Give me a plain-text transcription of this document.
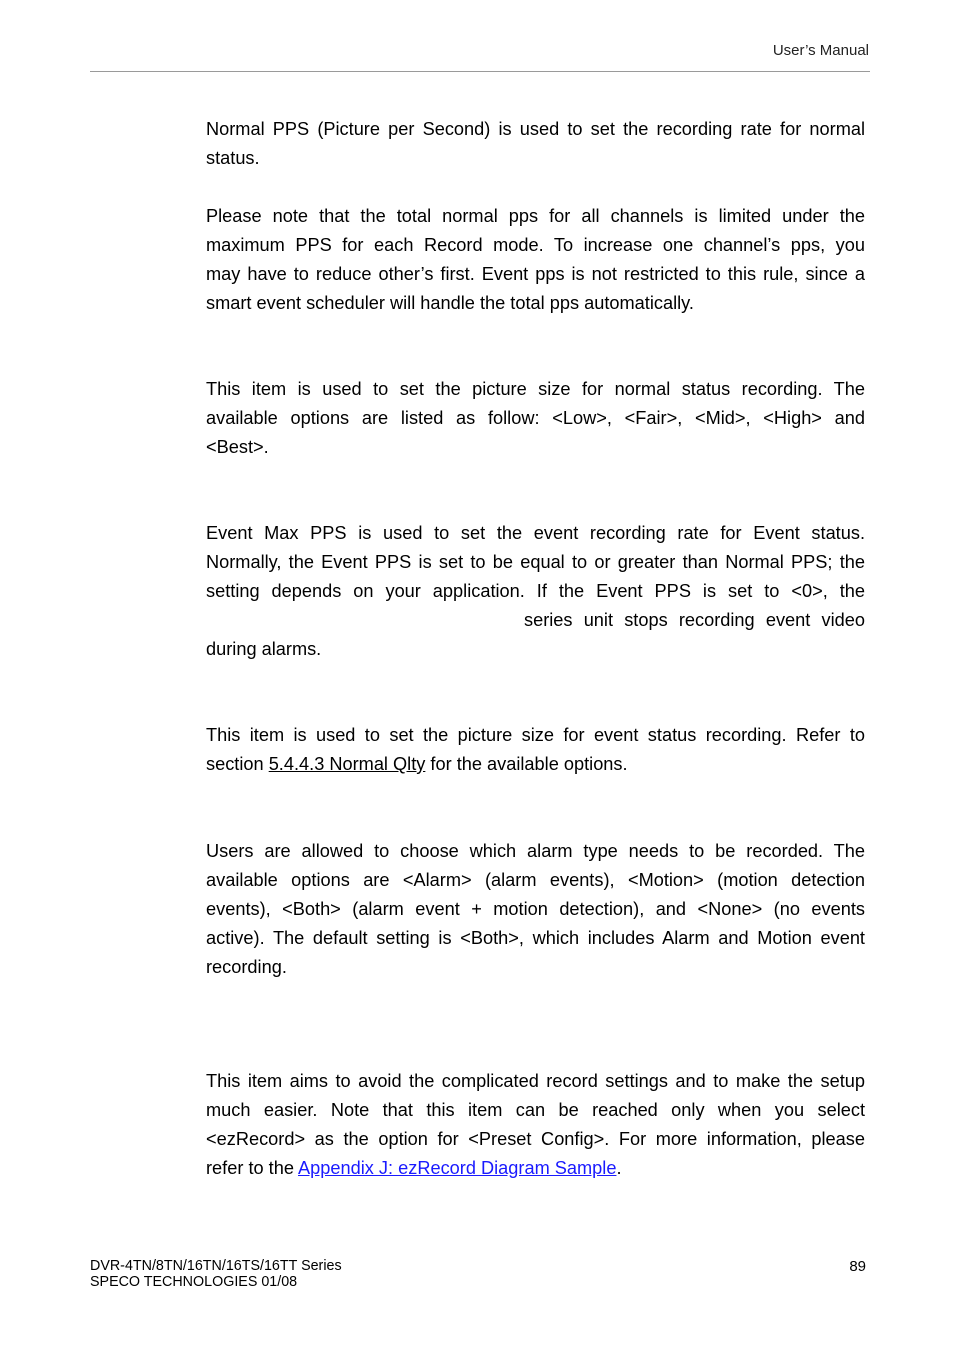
User’s Manual

Normal PPS (Picture per Second) is used to set the recording rate for normal
status.

Please note that the total normal pps for all channels is limited under the
maximum PPS for each Record mode. To increase one channel’s pps, you
may have to reduce other’s first. Event pps is not restricted to this rule, since a
smart event scheduler will handle the total pps automatically.

This item is used to set the picture size for normal status recording. The
available options are listed as follow: <Low>, <Fair>, <Mid>, <High> and
<Best>.

Event Max PPS is used to set the event recording rate for Event status.
Normally, the Event PPS is set to be equal to or greater than Normal PPS; the
setting depends on your application. If the Event PPS is set to <0>, the
series unit stops recording event video
during alarms.

This item is used to set the picture size for event status recording. Refer to
section 5.4.4.3 Normal Qlty for the available options.

Users are allowed to choose which alarm type needs to be recorded. The
available options are <Alarm> (alarm events), <Motion> (motion detection
events), <Both> (alarm event + motion detection), and <None> (no events
active). The default setting is <Both>, which includes Alarm and Motion event
recording.

This item aims to avoid the complicated record settings and to make the setup
much easier. Note that this item can be reached only when you select
<ezRecord> as the option for <Preset Config>. For more information, please
refer to the Appendix J: ezRecord Diagram Sample.

DVR-4TN/8TN/16TN/16TS/16TT Series
SPECO TECHNOLOGIES 01/08
89
